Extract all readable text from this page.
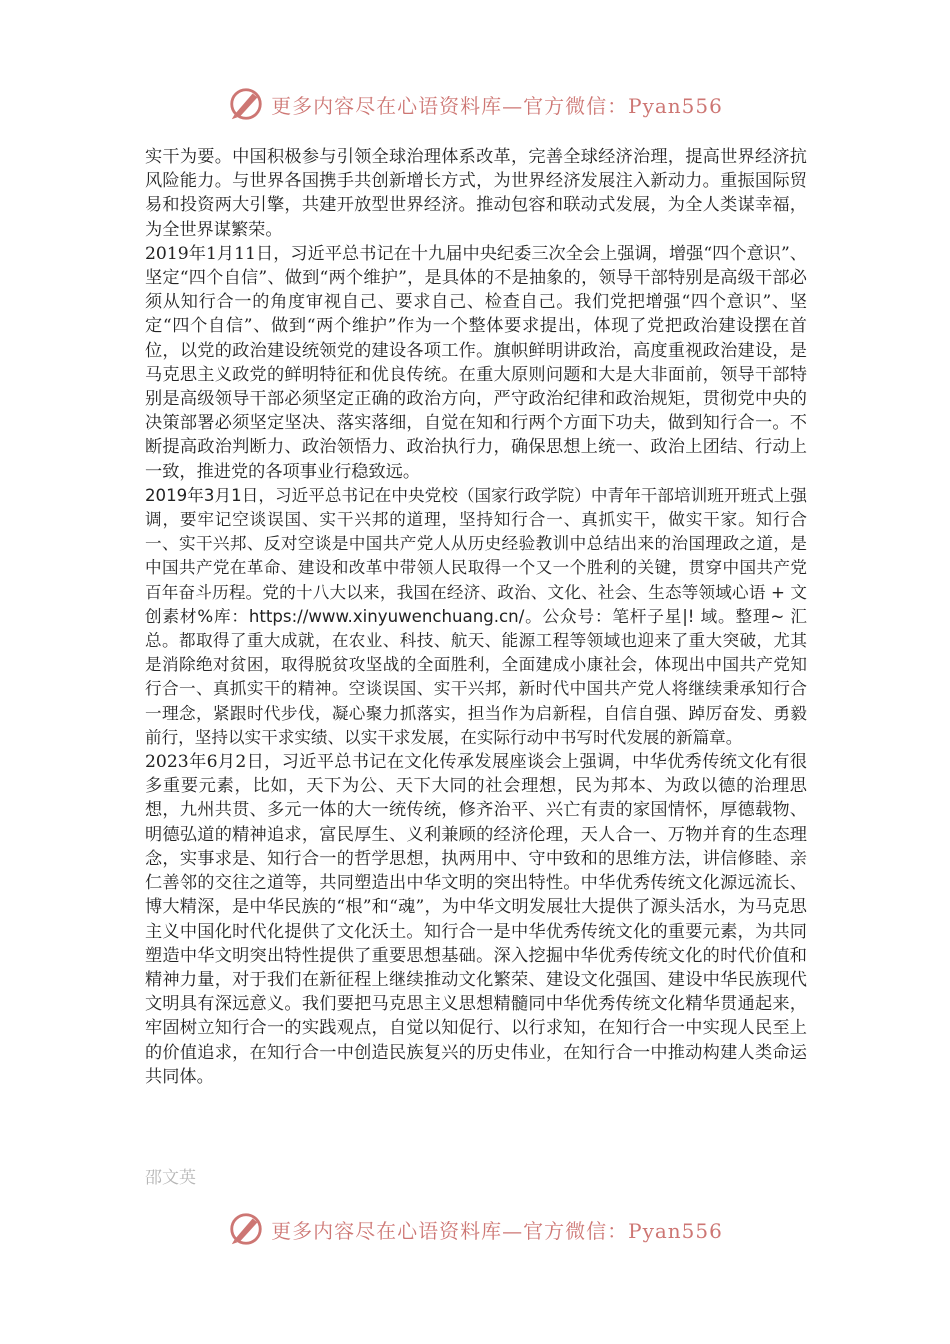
更多内容尽在心语资料库—官方微信：Pyan556

实干为要。中国积极参与引领全球治理体系改革，完善全球经济治理，提高世界经济抗风险能力。与世界各国携手共创新增长方式，为世界经济发展注入新动力。重振国际贸易和投资两大引擎，共建开放型世界经济。推动包容和联动式发展，为全人类谋幸福，为全世界谋繁荣。

2019年1月11日，习近平总书记在十九届中央纪委三次全会上强调，增强“四个意识”、坚定“四个自信”、做到“两个维护”，是具体的不是抽象的，领导干部特别是高级干部必须从知行合一的角度审视自己、要求自己、检查自己。我们党把增强“四个意识”、坚定“四个自信”、做到“两个维护”作为一个整体要求提出，体现了党把政治建设摆在首位，以党的政治建设统领党的建设各项工作。旗帜鲜明讲政治，高度重视政治建设，是马克思主义政党的鲜明特征和优良传统。在重大原则问题和大是大非面前，领导干部特别是高级领导干部必须坚定正确的政治方向，严守政治纪律和政治规矩，贯彻党中央的决策部署必须坚定坚决、落实落细，自觉在知和行两个方面下功夫，做到知行合一。不断提高政治判断力、政治领悟力、政治执行力，确保思想上统一、政治上团结、行动上一致，推进党的各项事业行稳致远。

2019年3月1日，习近平总书记在中央党校（国家行政学院）中青年干部培训班开班式上强调，要牢记空谈误国、实干兴邦的道理，坚持知行合一、真抓实干，做实干家。知行合一、实干兴邦、反对空谈是中国共产党人从历史经验教训中总结出来的治国理政之道，是中国共产党在革命、建设和改革中带领人民取得一个又一个胜利的关键，贯穿中国共产党百年奋斗历程。党的十八大以来，我国在经济、政治、文化、社会、生态等领域心语 + 文创素材%库：https://www.xinyuwenchuang.cn/。公众号：笔杆子星|! 域。整理~ 汇总。都取得了重大成就，在农业、科技、航天、能源工程等领域也迎来了重大突破，尤其是消除绝对贫困，取得脱贫攻坚战的全面胜利，全面建成小康社会，体现出中国共产党知行合一、真抓实干的精神。空谈误国、实干兴邦，新时代中国共产党人将继续秉承知行合一理念，紧跟时代步伐，凝心聚力抓落实，担当作为启新程，自信自强、踔厉奋发、勇毅前行，坚持以实干求实绩、以实干求发展，在实际行动中书写时代发展的新篇章。

2023年6月2日，习近平总书记在文化传承发展座谈会上强调，中华优秀传统文化有很多重要元素，比如，天下为公、天下大同的社会理想，民为邦本、为政以德的治理思想，九州共贯、多元一体的大一统传统，修齐治平、兴亡有责的家国情怀，厚德载物、明德弘道的精神追求，富民厚生、义利兼顾的经济伦理，天人合一、万物并育的生态理念，实事求是、知行合一的哲学思想，执两用中、守中致和的思维方法，讲信修睦、亲仁善邻的交往之道等，共同塑造出中华文明的突出特性。中华优秀传统文化源远流长、博大精深，是中华民族的“根”和“魂”，为中华文明发展壮大提供了源头活水，为马克思主义中国化时代化提供了文化沃土。知行合一是中华优秀传统文化的重要元素，为共同塑造中华文明突出特性提供了重要思想基础。深入挖掘中华优秀传统文化的时代价值和精神力量，对于我们在新征程上继续推动文化繁荣、建设文化强国、建设中华民族现代文明具有深远意义。我们要把马克思主义思想精髓同中华优秀传统文化精华贯通起来，牢固树立知行合一的实践观点，自觉以知促行、以行求知，在知行合一中实现人民至上的价值追求，在知行合一中创造民族复兴的历史伟业，在知行合一中推动构建人类命运共同体。

邵文英
更多内容尽在心语资料库—官方微信：Pyan556
